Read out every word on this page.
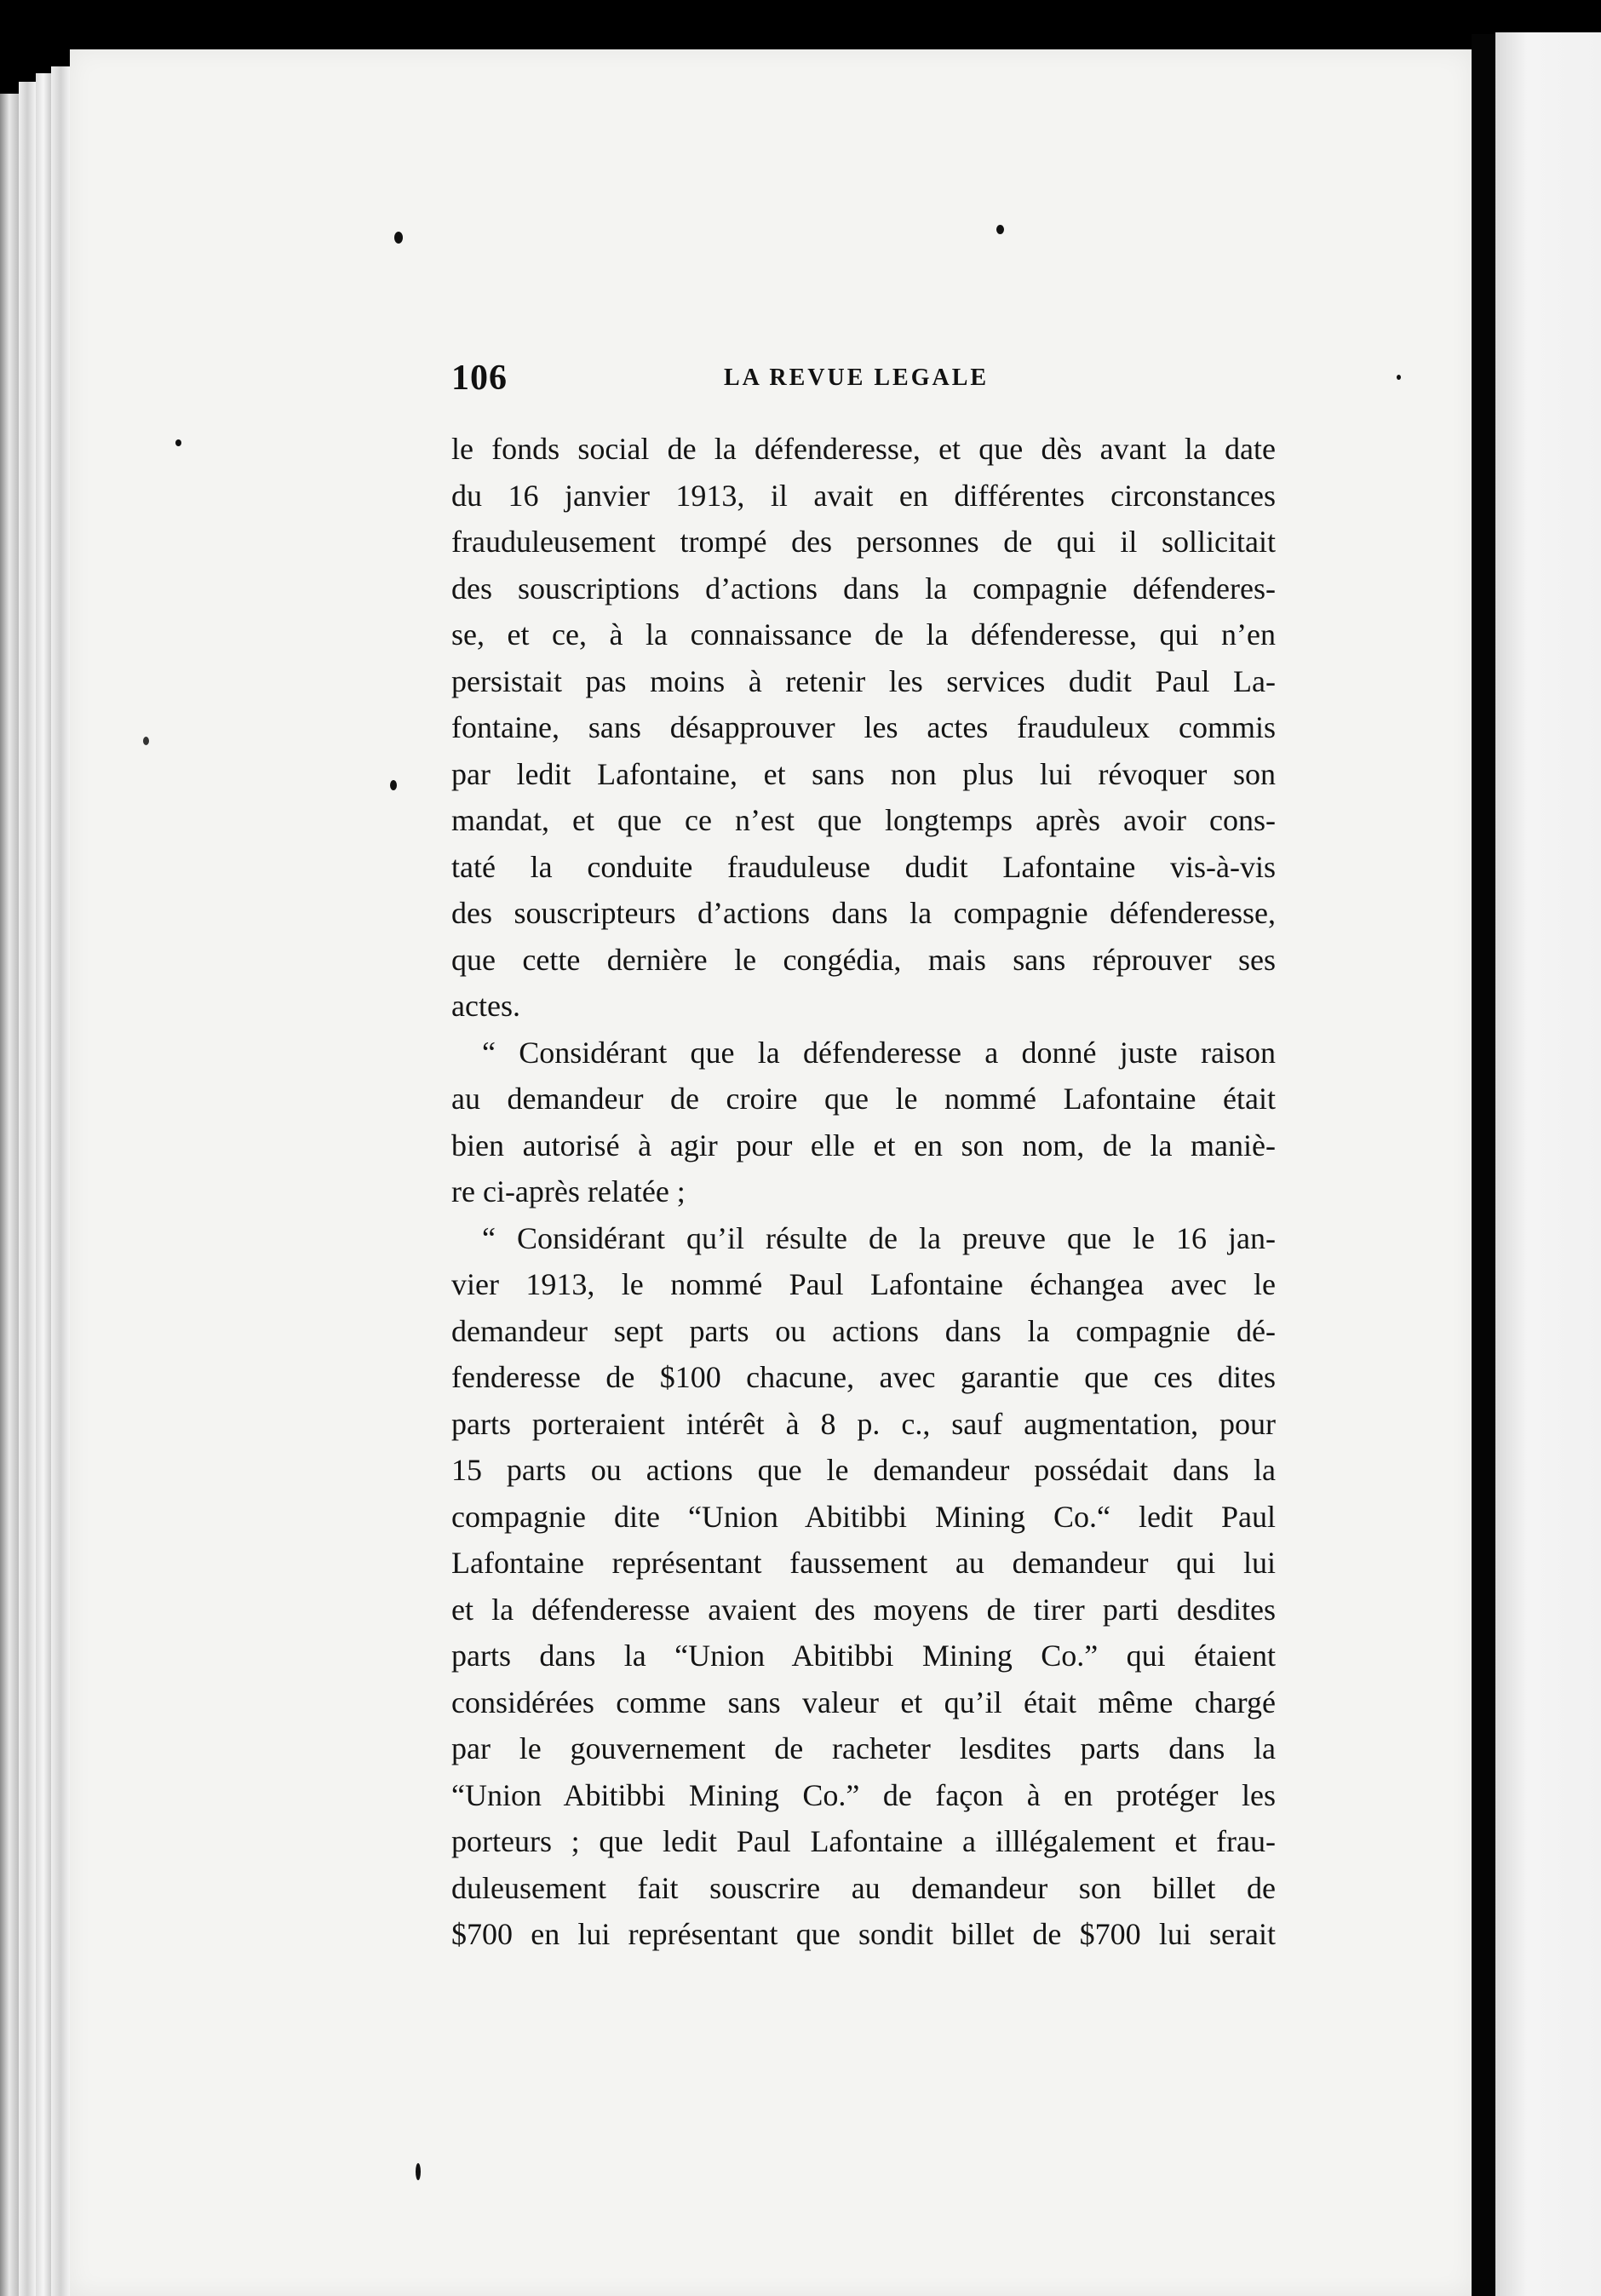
106	LA REVUE LEGALE
le fonds social de la défenderesse, et que dès avant la date
du 16 janvier 1913, il avait en différentes circonstances
frauduleusement trompé des personnes de qui il sollicitait
des souscriptions d’actions dans la compagnie défenderes-
se, et ce, à la connaissance de la défenderesse, qui n’en
persistait pas moins à retenir les services dudit Paul La-
fontaine, sans désapprouver les actes frauduleux commis
par ledit Lafontaine, et sans non plus lui révoquer son
mandat, et que ce n’est que longtemps après avoir cons-
taté la conduite frauduleuse dudit Lafontaine vis-à-vis
des souscripteurs d’actions dans la compagnie défenderesse,
que cette dernière le congédia, mais sans réprouver ses
actes.
“ Considérant que la défenderesse a donné juste raison
au demandeur de croire que le nommé Lafontaine était
bien autorisé à agir pour elle et en son nom, de la maniè-
re ci-après relatée ;
“ Considérant qu’il résulte de la preuve que le 16 jan-
vier 1913, le nommé Paul Lafontaine échangea avec le
demandeur sept parts ou actions dans la compagnie dé-
fenderesse de $100 chacune, avec garantie que ces dites
parts porteraient intérêt à 8 p. c., sauf augmentation, pour
15 parts ou actions que le demandeur possédait dans la
compagnie dite “Union Abitibbi Mining Co.“ ledit Paul
Lafontaine représentant faussement au demandeur qui lui
et la défenderesse avaient des moyens de tirer parti desdites
parts dans la “Union Abitibbi Mining Co.” qui étaient
considérées comme sans valeur et qu’il était même chargé
par le gouvernement de racheter lesdites parts dans la
“Union Abitibbi Mining Co.” de façon à en protéger les
porteurs ; que ledit Paul Lafontaine a illlégalement et frau-
duleusement fait souscrire au demandeur son billet de
$700 en lui représentant que sondit billet de $700 lui serait
